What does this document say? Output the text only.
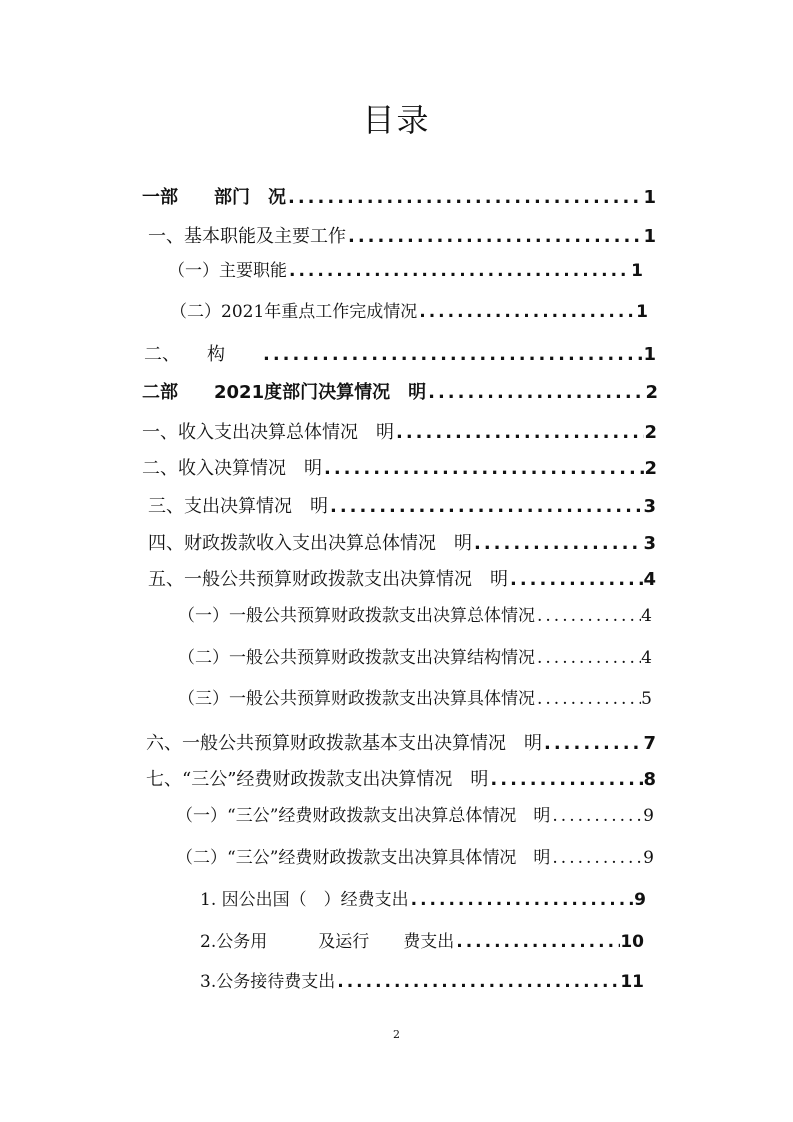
目录
一部　　部门　况 .....	1
一、基本职能及主要工作 .....	1
（一）主要职能 .....	1
（二）2021年重点工作完成情况 .....	1
二、　　构　　 .....	1
二部　　2021度部门决算情况　明 .....	2
一、收入支出决算总体情况　明 .....	2
二、收入决算情况　明 .....	2
三、支出决算情况　明 .....	3
四、财政拨款收入支出决算总体情况　明 .....	3
五、一般公共预算财政拨款支出决算情况　明 .....	4
（一）一般公共预算财政拨款支出决算总体情况 .....	4
（二）一般公共预算财政拨款支出决算结构情况 .....	4
（三）一般公共预算财政拨款支出决算具体情况 .....	5
六、一般公共预算财政拨款基本支出决算情况　明 .....	7
七、“三公”经费财政拨款支出决算情况　明 .....	8
（一）“三公”经费财政拨款支出决算总体情况　明 .....	9
（二）“三公”经费财政拨款支出决算具体情况　明 .....	9
1. 因公出国（　）经费支出 .....	9
2.公务用　　　及运行　　费支出 .....	10
3.公务接待费支出 .....	11
2
